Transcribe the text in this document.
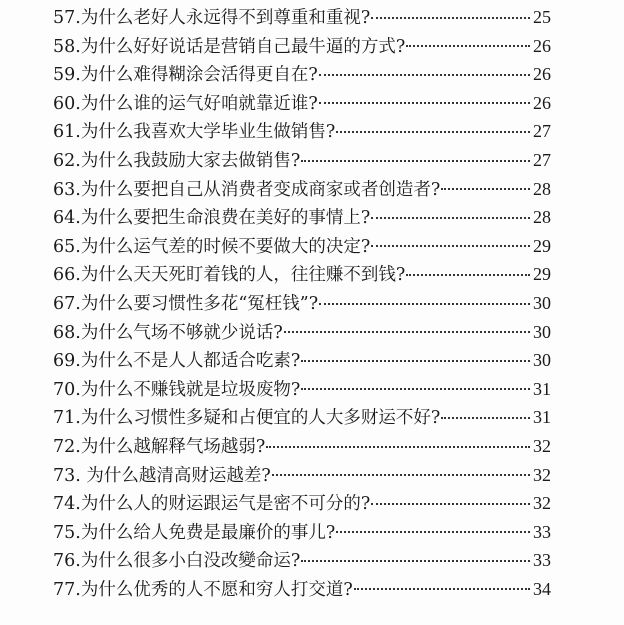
57.为什么老好人永远得不到尊重和重视?	25
58.为什么好好说话是营销自己最牛逼的方式?	26
59.为什么难得糊涂会活得更自在?	26
60.为什么谁的运气好咱就靠近谁?	26
61.为什么我喜欢大学毕业生做销售?	27
62.为什么我鼓励大家去做销售?	27
63.为什么要把自己从消费者变成商家或者创造者?	28
64.为什么要把生命浪费在美好的事情上?	28
65.为什么运气差的时候不要做大的决定?	29
66.为什么天天死盯着钱的人，往往赚不到钱?	29
67.为什么要习惯性多花“冤枉钱”?	30
68.为什么气场不够就少说话?	30
69.为什么不是人人都适合吃素?	30
70.为什么不赚钱就是垃圾废物?	31
71.为什么习惯性多疑和占便宜的人大多财运不好?	31
72.为什么越解释气场越弱?	32
73. 为什么越清高财运越差?	32
74.为什么人的财运跟运气是密不可分的?	32
75.为什么给人免费是最廉价的事儿?	33
76.为什么很多小白没改變命运?	33
77.为什么优秀的人不愿和穷人打交道?	34
